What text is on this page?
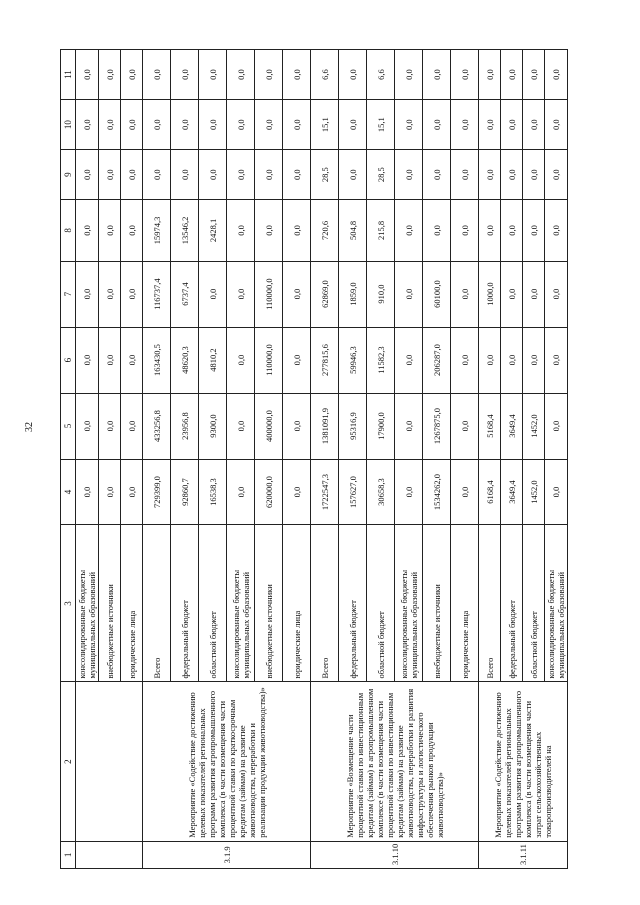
32
1	2	3	4	5	6	7	8	9	10	11
		консолидированные бюджеты муниципальных образований	0,0	0,0	0,0	0,0	0,0	0,0	0,0	0,0
		внебюджетные источники	0,0	0,0	0,0	0,0	0,0	0,0	0,0	0,0
		юридические лица	0,0	0,0	0,0	0,0	0,0	0,0	0,0	0,0
3.1.9	Мероприятие «Содействие достижению целевых показателей региональных программ развития агропромышленного комплекса (в части возмещения части процентной ставки по краткосрочным кредитам (займам) на развитие животноводства, переработки и реализации продукции животноводства)»	Всего	729399,0	433256,8	163430,5	116737,4	15974,3	0,0	0,0	0,0
		федеральный бюджет	92860,7	23956,8	48620,3	6737,4	13546,2	0,0	0,0	0,0
		областной бюджет	16538,3	9300,0	4810,2	0,0	2428,1	0,0	0,0	0,0
		консолидированные бюджеты муниципальных образований	0,0	0,0	0,0	0,0	0,0	0,0	0,0	0,0
		внебюджетные источники	620000,0	400000,0	110000,0	110000,0	0,0	0,0	0,0	0,0
		юридические лица	0,0	0,0	0,0	0,0	0,0	0,0	0,0	0,0
3.1.10	Мероприятие «Возмещение части процентной ставки по инвестиционным кредитам (займам) в агропромышленном комплексе (в части возмещения части процентной ставки по инвестиционным кредитам (займам) на развитие животноводства, переработки и развития инфраструктуры и логистического обеспечения рынков продукции животноводства)»	Всего	1722547,3	1381091,9	277815,6	62869,0	720,6	28,5	15,1	6,6
		федеральный бюджет	157627,0	95316,9	59946,3	1859,0	504,8	0,0	0,0	0,0
		областной бюджет	30658,3	17900,0	11582,3	910,0	215,8	28,5	15,1	6,6
		консолидированные бюджеты муниципальных образований	0,0	0,0	0,0	0,0	0,0	0,0	0,0	0,0
		внебюджетные источники	1534262,0	1267875,0	206287,0	60100,0	0,0	0,0	0,0	0,0
		юридические лица	0,0	0,0	0,0	0,0	0,0	0,0	0,0	0,0
3.1.11	Мероприятие «Содействие достижению целевых показателей региональных программ развития агропромышленного комплекса (в части возмещения части затрат сельскохозяйственных товаропроизводителей на	Всего	6168,4	5168,4	0,0	1000,0	0,0	0,0	0,0	0,0
		федеральный бюджет	3649,4	3649,4	0,0	0,0	0,0	0,0	0,0	0,0
		областной бюджет	1452,0	1452,0	0,0	0,0	0,0	0,0	0,0	0,0
		консолидированные бюджеты муниципальных образований	0,0	0,0	0,0	0,0	0,0	0,0	0,0	0,0
